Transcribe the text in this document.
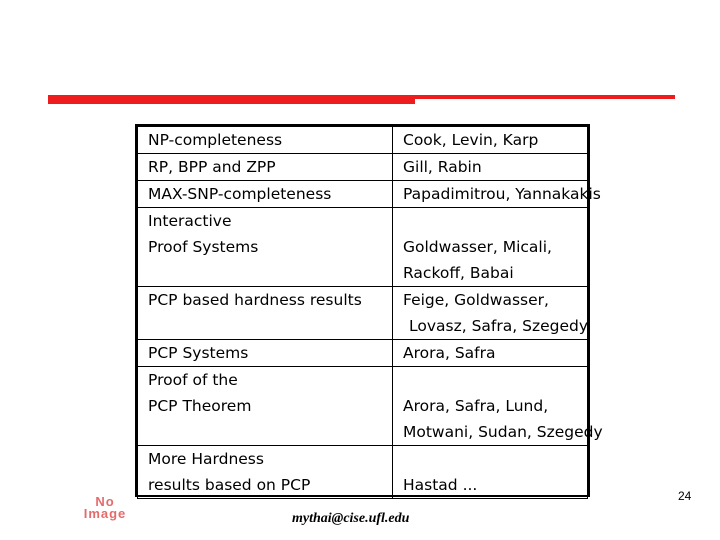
NP-completeness	Cook, Levin, Karp

RP, BPP and ZPP	Gill, Rabin

MAX-SNP-completeness	Papadimitrou, Yannakakis

Interactive
Proof Systems	Goldwasser, Micali,
Rackoff, Babai

PCP based hardness results	Feige, Goldwasser,
Lovasz, Safra, Szegedy

PCP Systems	Arora, Safra

Proof of the
PCP Theorem	Arora, Safra, Lund,
Motwani, Sudan, Szegedy

More Hardness
results based on PCP	Hastad ...
No
Image
24
mythai@cise.ufl.edu
